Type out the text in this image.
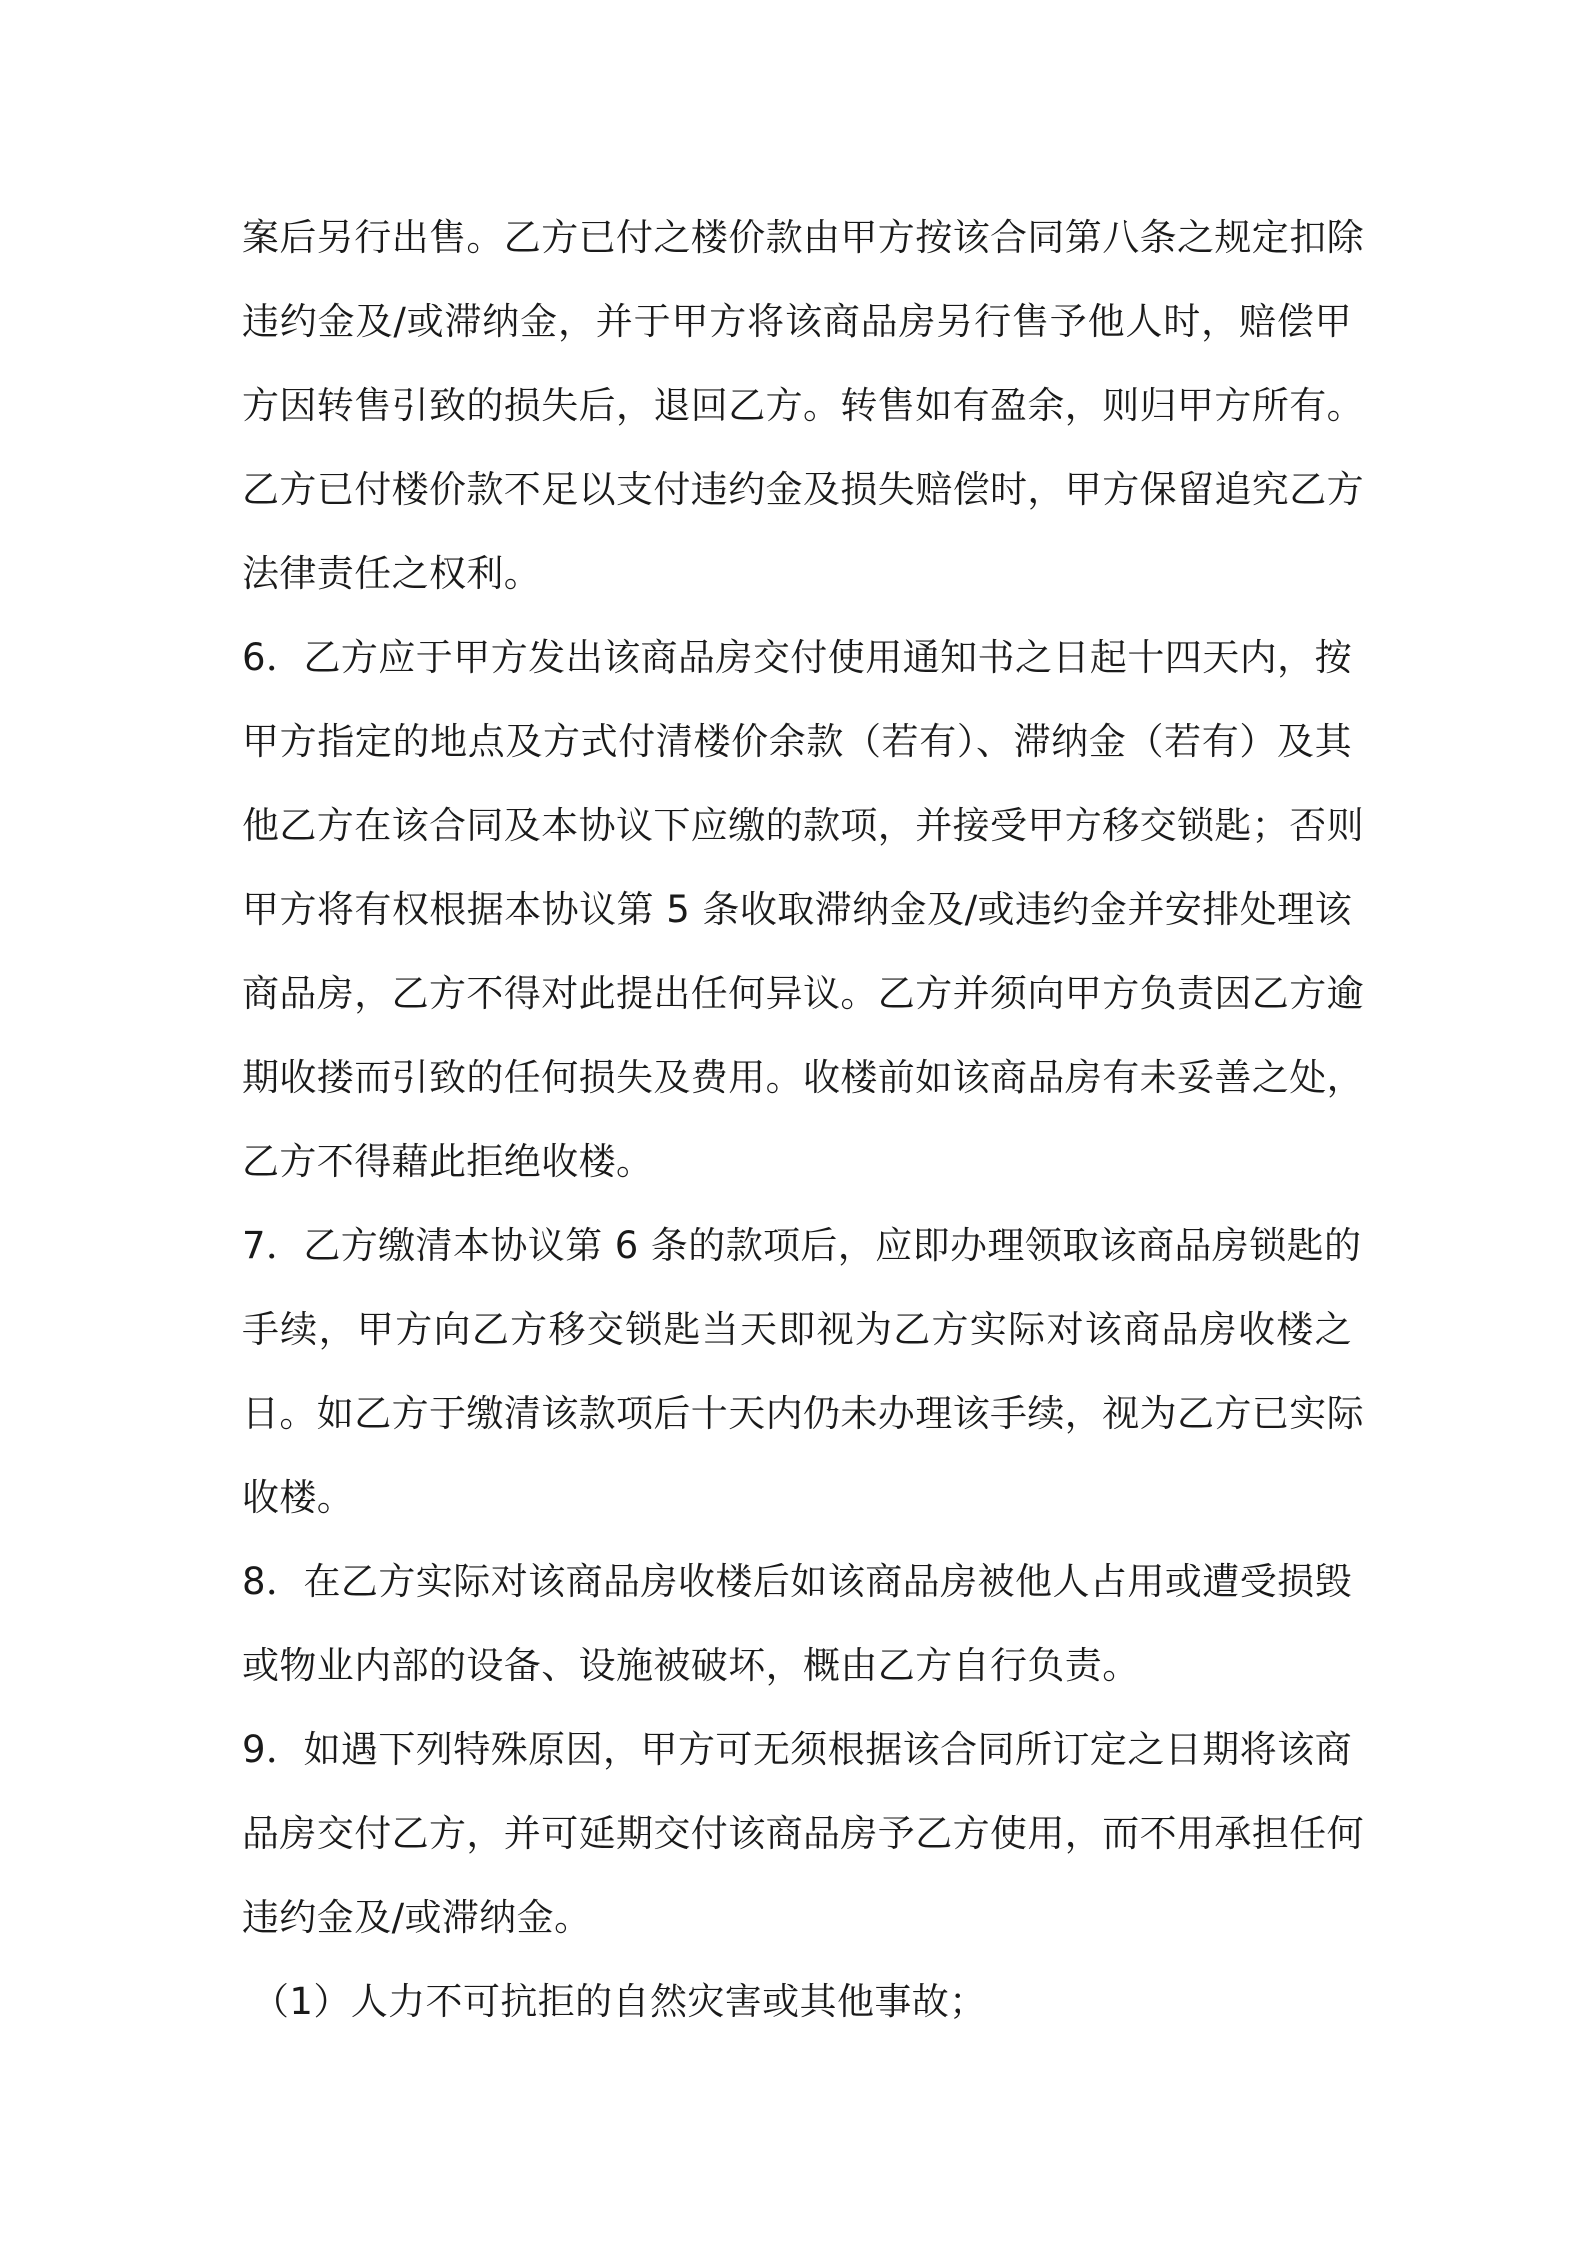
案后另行出售。乙方已付之楼价款由甲方按该合同第八条之规定扣除
违约金及/或滞纳金，并于甲方将该商品房另行售予他人时，赔偿甲
方因转售引致的损失后，退回乙方。转售如有盈余，则归甲方所有。
乙方已付楼价款不足以支付违约金及损失赔偿时，甲方保留追究乙方
法律责任之权利。
6．乙方应于甲方发出该商品房交付使用通知书之日起十四天内，按
甲方指定的地点及方式付清楼价余款（若有）、滞纳金（若有）及其
他乙方在该合同及本协议下应缴的款项，并接受甲方移交锁匙；否则
甲方将有权根据本协议第 5 条收取滞纳金及/或违约金并安排处理该
商品房，乙方不得对此提出任何异议。乙方并须向甲方负责因乙方逾
期收搂而引致的任何损失及费用。收楼前如该商品房有未妥善之处，
乙方不得藉此拒绝收楼。
7．乙方缴清本协议第 6 条的款项后，应即办理领取该商品房锁匙的
手续，甲方向乙方移交锁匙当天即视为乙方实际对该商品房收楼之
日。如乙方于缴清该款项后十天内仍未办理该手续，视为乙方已实际
收楼。
8．在乙方实际对该商品房收楼后如该商品房被他人占用或遭受损毁
或物业内部的设备、设施被破坏，概由乙方自行负责。
9．如遇下列特殊原因，甲方可无须根据该合同所订定之日期将该商
品房交付乙方，并可延期交付该商品房予乙方使用，而不用承担任何
违约金及/或滞纳金。
（1）人力不可抗拒的自然灾害或其他事故；
